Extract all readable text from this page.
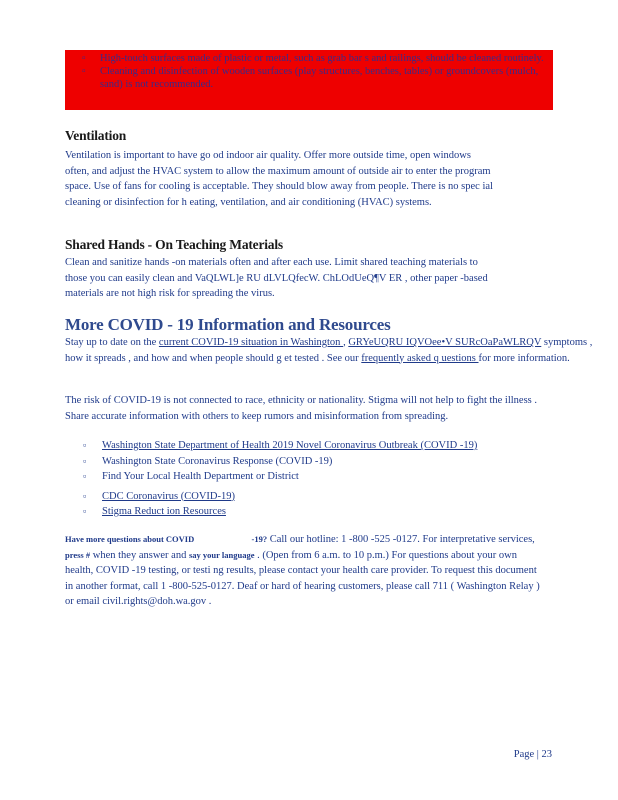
▫ High-touch surfaces made of plastic or metal, such as grab bar s and railings, should be cleaned routinely.
▫ Cleaning and disinfection of wooden surfaces (play structures, benches, tables) or groundcovers (mulch, sand) is not recommended.
Ventilation
Ventilation is important to have go od indoor air quality. Offer more outside time, open windows often, and adjust the HVAC system to allow the maximum amount of outside air to enter the program space. Use of fans for cooling is acceptable. They should blow away from people. There is no spec ial cleaning or disinfection for h eating, ventilation, and air conditioning (HVAC) systems.
Shared Hands - On Teaching Materials
Clean and sanitize hands -on materials often and after each use. Limit shared teaching materials to those you can easily clean and VaQLWL]e RU dLVLQfecW. ChLOdUeQ¶V ER , other paper -based materials are not high risk for spreading the virus.
More COVID - 19 Information and Resources
Stay up to date on the current COVID-19 situation in Washington , GRYeUQRU IQVOee•V SURcOaPaWLRQV symptoms , how it spreads , and how and when people should g et tested . See our frequently asked q uestions for more information.
The risk of COVID-19 is not connected to race, ethnicity or nationality. Stigma will not help to fight the illness . Share accurate information with others to keep rumors and misinformation from spreading.
▫ Washington State Department of Health 2019 Novel Coronavirus Outbreak (COVID -19)
▫ Washington State Coronavirus Response (COVID -19)
▫ Find Your Local Health Department or District
▫ CDC Coronavirus (COVID-19)
▫ Stigma Reduct ion Resources
Have more questions about COVID	-19? Call our hotline: 1 -800 -525 -0127. For interpretative services, press # when they answer and say your language . (Open from 6 a.m. to 10 p.m.) For questions about your own health, COVID -19 testing, or testi ng results, please contact your health care provider. To request this document in another format, call 1 -800-525-0127. Deaf or hard of hearing customers, please call 711 ( Washington Relay ) or email civil.rights@doh.wa.gov .
Page | 23
